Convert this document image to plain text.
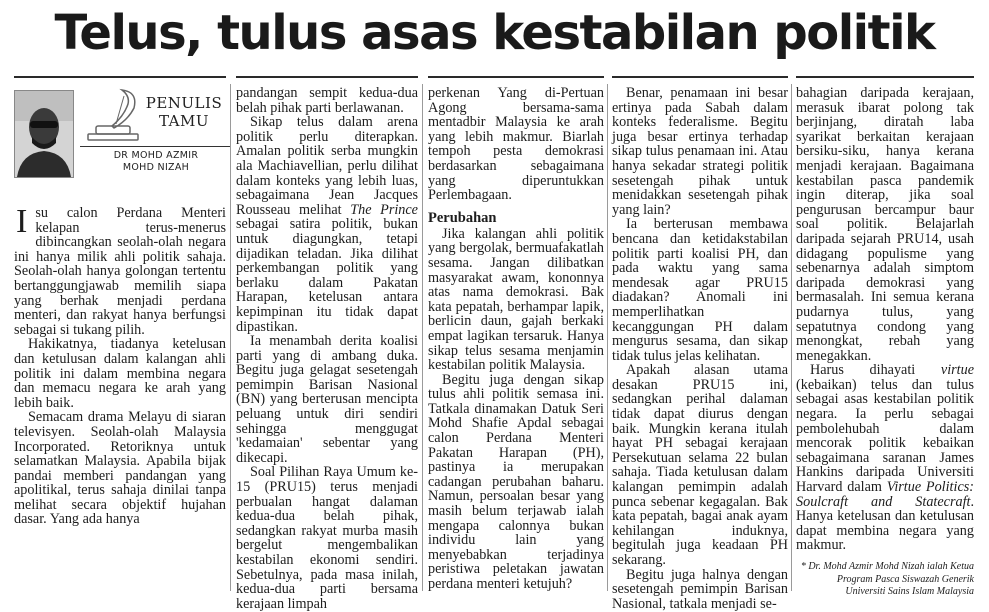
Telus, tulus asas kestabilan politik
PENULIS
TAMU
DR MOHD AZMIR
MOHD NIZAH

Isu calon Perdana Menteri kelapan terus-menerus dibincangkan seolah-olah negara ini hanya milik ahli politik sahaja. Seolah-olah hanya golongan tertentu bertanggungjawab memilih siapa yang berhak menjadi perdana menteri, dan rakyat hanya berfungsi sebagai si tukang pilih.

Hakikatnya, tiadanya ketelusan dan ketulusan dalam kalangan ahli politik ini dalam membina negara dan memacu negara ke arah yang lebih baik.

Semacam drama Melayu di siaran televisyen. Seolah-olah Malaysia Incorporated. Retoriknya untuk selamatkan Malaysia. Apabila bijak pandai memberi pandangan yang apolitikal, terus sahaja dinilai tanpa melihat secara objektif hujahan dasar. Yang ada hanya

pandangan sempit kedua-dua belah pihak parti berlawanan.

Sikap telus dalam arena politik perlu diterapkan. Amalan politik serba mungkin ala Machiavellian, perlu dilihat dalam konteks yang lebih luas, sebagaimana Jean Jacques Rousseau melihat The Prince sebagai satira politik, bukan untuk diagungkan, tetapi dijadikan teladan. Jika dilihat perkembangan politik yang berlaku dalam Pakatan Harapan, ketelusan antara kepimpinan itu tidak dapat dipastikan.

Ia menambah derita koalisi parti yang di ambang duka. Begitu juga gelagat sesetengah pemimpin Barisan Nasional (BN) yang berterusan mencipta peluang untuk diri sendiri sehingga menggugat 'kedamaian' sebentar yang dikecapi.

Soal Pilihan Raya Umum ke-15 (PRU15) terus menjadi perbualan hangat dalaman kedua-dua belah pihak, sedangkan rakyat murba masih bergelut mengembalikan kestabilan ekonomi sendiri. Sebetulnya, pada masa inilah, kedua-dua parti bersama kerajaan limpah

perkenan Yang di-Pertuan Agong bersama-sama mentadbir Malaysia ke arah yang lebih makmur. Biarlah tempoh pesta demokrasi berdasarkan sebagaimana yang diperuntukkan Perlembagaan.

Perubahan

Jika kalangan ahli politik yang bergolak, bermuafakatlah sesama. Jangan dilibatkan masyarakat awam, kononnya atas nama demokrasi. Bak kata pepatah, berhampar lapik, berlicin daun, gajah berkaki empat lagikan tersaruk. Hanya sikap telus sesama menjamin kestabilan politik Malaysia.

Begitu juga dengan sikap tulus ahli politik semasa ini. Tatkala dinamakan Datuk Seri Mohd Shafie Apdal sebagai calon Perdana Menteri Pakatan Harapan (PH), pastinya ia merupakan cadangan perubahan baharu. Namun, persoalan besar yang masih belum terjawab ialah mengapa calonnya bukan individu lain yang menyebabkan terjadinya peristiwa peletakan jawatan perdana menteri ketujuh?

Benar, penamaan ini besar ertinya pada Sabah dalam konteks federalisme. Begitu juga besar ertinya terhadap sikap tulus penamaan ini. Atau hanya sekadar strategi politik sesetengah pihak untuk menidakkan sesetengah pihak yang lain?

Ia berterusan membawa bencana dan ketidakstabilan politik parti koalisi PH, dan pada waktu yang sama mendesak agar PRU15 diadakan? Anomali ini memperlihatkan kecanggungan PH dalam mengurus sesama, dan sikap tidak tulus jelas kelihatan.

Apakah alasan utama desakan PRU15 ini, sedangkan perihal dalaman tidak dapat diurus dengan baik. Mungkin kerana itulah hayat PH sebagai kerajaan Persekutuan selama 22 bulan sahaja. Tiada ketulusan dalam kalangan pemimpin adalah punca sebenar kegagalan. Bak kata pepatah, bagai anak ayam kehilangan induknya, begitulah juga keadaan PH sekarang.

Begitu juga halnya dengan sesetengah pemimpin Barisan Nasional, tatkala menjadi se-

bahagian daripada kerajaan, merasuk ibarat polong tak berjinjang, diratah laba syarikat berkaitan kerajaan bersiku-siku, hanya kerana menjadi kerajaan. Bagaimana kestabilan pasca pandemik ingin diterap, jika soal pengurusan bercampur baur soal politik. Belajarlah daripada sejarah PRU14, usah didagang populisme yang sebenarnya adalah simptom daripada demokrasi yang bermasalah. Ini semua kerana pudarnya tulus, yang sepatutnya condong yang menongkat, rebah yang menegakkan.

Harus dihayati virtue (kebaikan) telus dan tulus sebagai asas kestabilan politik negara. Ia perlu sebagai pembolehubah dalam mencorak politik kebaikan sebagaimana saranan James Hankins daripada Universiti Harvard dalam Virtue Politics: Soulcraft and Statecraft. Hanya ketelusan dan ketulusan dapat membina negara yang makmur.

* Dr. Mohd Azmir Mohd Nizah ialah Ketua Program Pasca Siswazah Generik Universiti Sains Islam Malaysia
